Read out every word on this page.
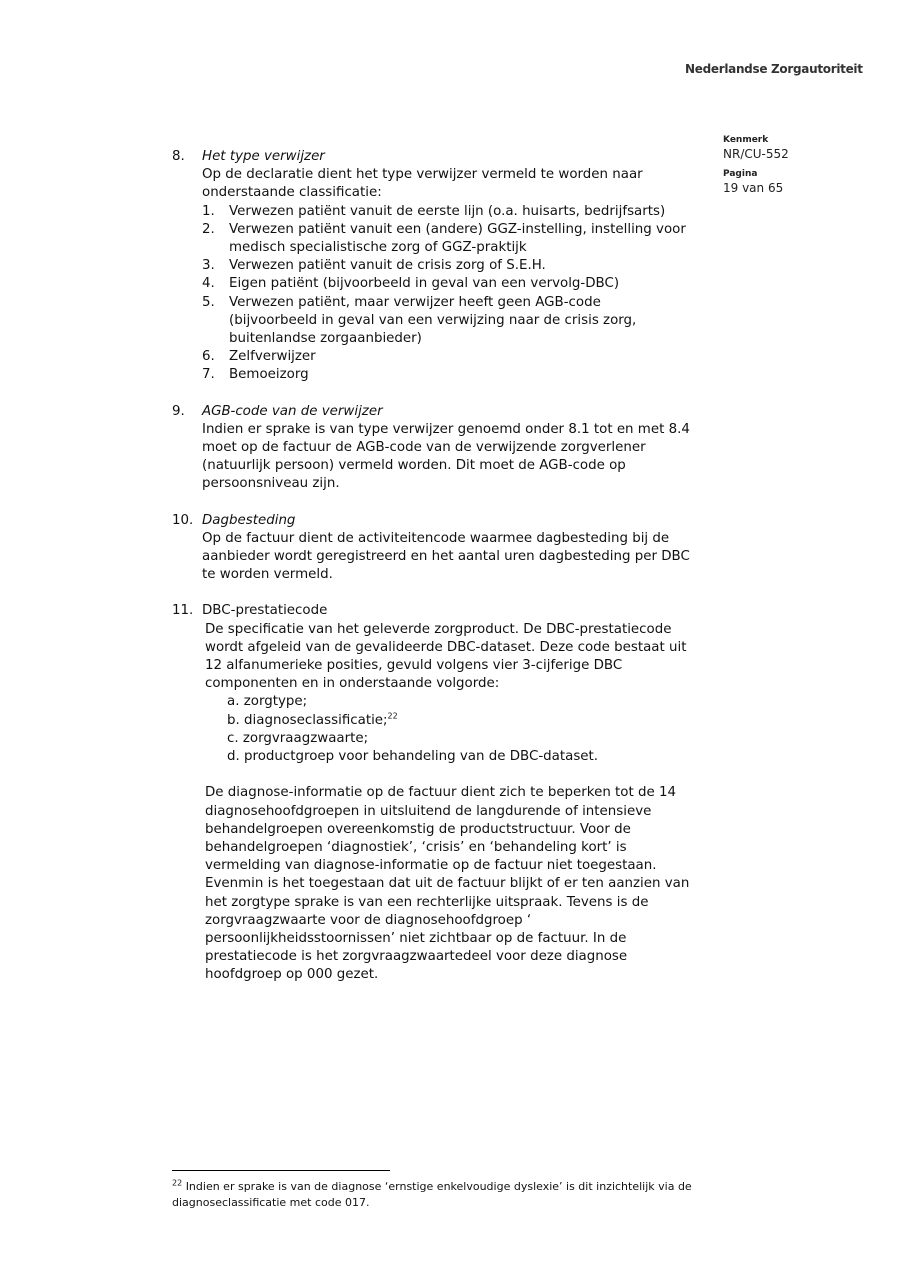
Nederlandse Zorgautoriteit
Kenmerk
NR/CU-552
Pagina
19 van 65
8. Het type verwijzer
Op de declaratie dient het type verwijzer vermeld te worden naar onderstaande classificatie:
1. Verwezen patiënt vanuit de eerste lijn (o.a. huisarts, bedrijfsarts)
2. Verwezen patiënt vanuit een (andere) GGZ-instelling, instelling voor medisch specialistische zorg of GGZ-praktijk
3. Verwezen patiënt vanuit de crisis zorg of S.E.H.
4. Eigen patiënt (bijvoorbeeld in geval van een vervolg-DBC)
5. Verwezen patiënt, maar verwijzer heeft geen AGB-code (bijvoorbeeld in geval van een verwijzing naar de crisis zorg, buitenlandse zorgaanbieder)
6. Zelfverwijzer
7. Bemoeizorg
9. AGB-code van de verwijzer
Indien er sprake is van type verwijzer genoemd onder 8.1 tot en met 8.4 moet op de factuur de AGB-code van de verwijzende zorgverlener (natuurlijk persoon) vermeld worden. Dit moet de AGB-code op persoonsniveau zijn.
10. Dagbesteding
Op de factuur dient de activiteitencode waarmee dagbesteding bij de aanbieder wordt geregistreerd en het aantal uren dagbesteding per DBC te worden vermeld.
11. DBC-prestatiecode
De specificatie van het geleverde zorgproduct. De DBC-prestatiecode wordt afgeleid van de gevalideerde DBC-dataset. Deze code bestaat uit 12 alfanumerieke posities, gevuld volgens vier 3-cijferige DBC componenten en in onderstaande volgorde:
a. zorgtype;
b. diagnoseclassificatie;$^{22}$
c. zorgvraagzwaarte;
d. productgroep voor behandeling van de DBC-dataset.
De diagnose-informatie op de factuur dient zich te beperken tot de 14 diagnosehoofdgroepen in uitsluitend de langdurende of intensieve behandelgroepen overeenkomstig de productstructuur. Voor de behandelgroepen ‘diagnostiek’, ‘crisis’ en ‘behandeling kort’ is vermelding van diagnose-informatie op de factuur niet toegestaan. Evenmin is het toegestaan dat uit de factuur blijkt of er ten aanzien van het zorgtype sprake is van een rechterlijke uitspraak. Tevens is de zorgvraagzwaarte voor de diagnosehoofdgroep ‘ persoonlijkheidsstoornissen’ niet zichtbaar op de factuur. In de prestatiecode is het zorgvraagzwaartedeel voor deze diagnose hoofdgroep op 000 gezet.
$^{22}$ Indien er sprake is van de diagnose ‘ernstige enkelvoudige dyslexie’ is dit inzichtelijk via de diagnoseclassificatie met code 017.
